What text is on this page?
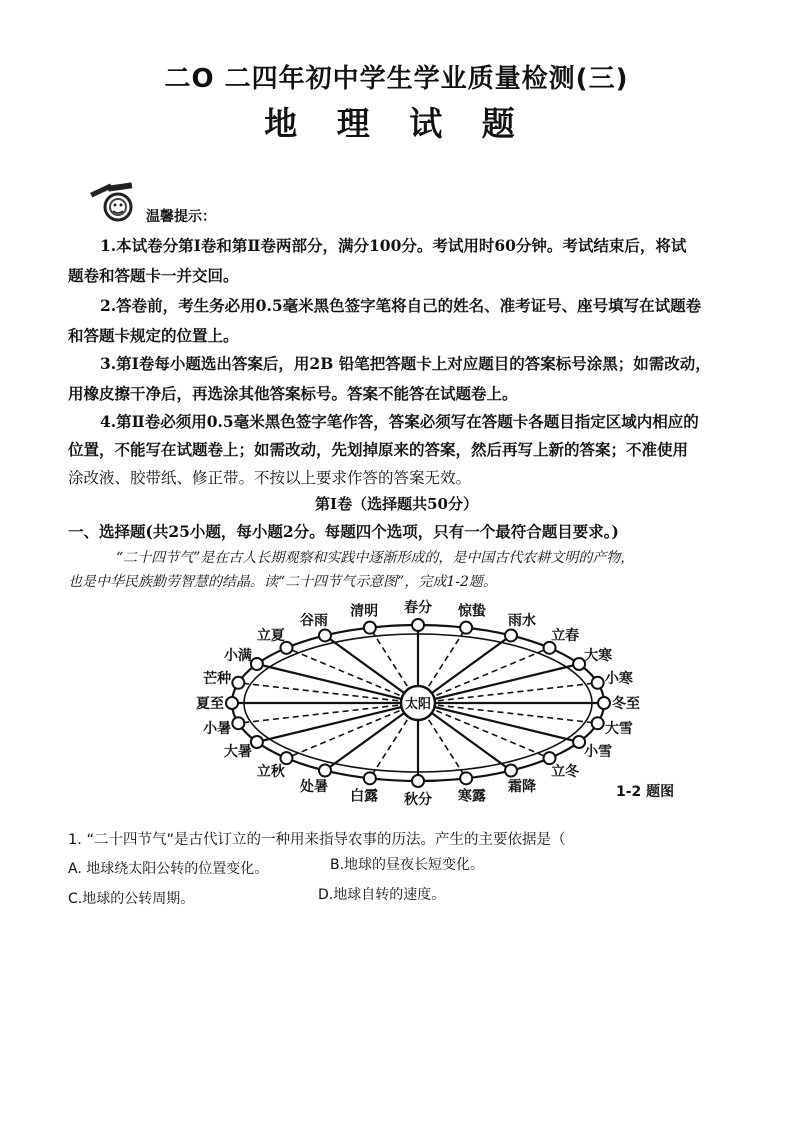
二O 二四年初中学生学业质量检测(三)
地 理 试 题
温馨提示：
1.本试卷分第Ⅰ卷和第Ⅱ卷两部分，满分100分。考试用时60分钟。考试结束后，将试
题卷和答题卡一并交回。
2.答卷前，考生务必用0.5毫米黑色签字笔将自己的姓名、准考证号、座号填写在试题卷
和答题卡规定的位置上。
3.第Ⅰ卷每小题选出答案后，用2B 铅笔把答题卡上对应题目的答案标号涂黑；如需改动，
用橡皮擦干净后，再选涂其他答案标号。答案不能答在试题卷上。
4.第Ⅱ卷必须用0.5毫米黑色签字笔作答，答案必须写在答题卡各题目指定区域内相应的
位置，不能写在试题卷上；如需改动，先划掉原来的答案，然后再写上新的答案；不准使用
涂改液、胶带纸、修正带。不按以上要求作答的答案无效。
第Ⅰ卷（选择题共50分）
一、选择题(共25小题，每小题2分。每题四个选项，只有一个最符合题目要求。)
“二十四节气”是在古人长期观察和实践中逐渐形成的，是中国古代农耕文明的产物，
也是中华民族勤劳智慧的结晶。读“二十四节气示意图”，完成1-2题。
太阳	冬至
小寒
大寒
立春
雨水
惊蛰
春分
清明
谷雨
立夏
小满
芒种
夏至
小暑
大暑
立秋
处暑
白露 秋分 寒露
霜降
立冬
小雪
大雪
1-2 题图
1. “二十四节气”是古代订立的一种用来指导农事的历法。产生的主要依据是（
A. 地球绕太阳公转的位置变化。	B.地球的昼夜长短变化。
C.地球的公转周期。	D.地球自转的速度。
